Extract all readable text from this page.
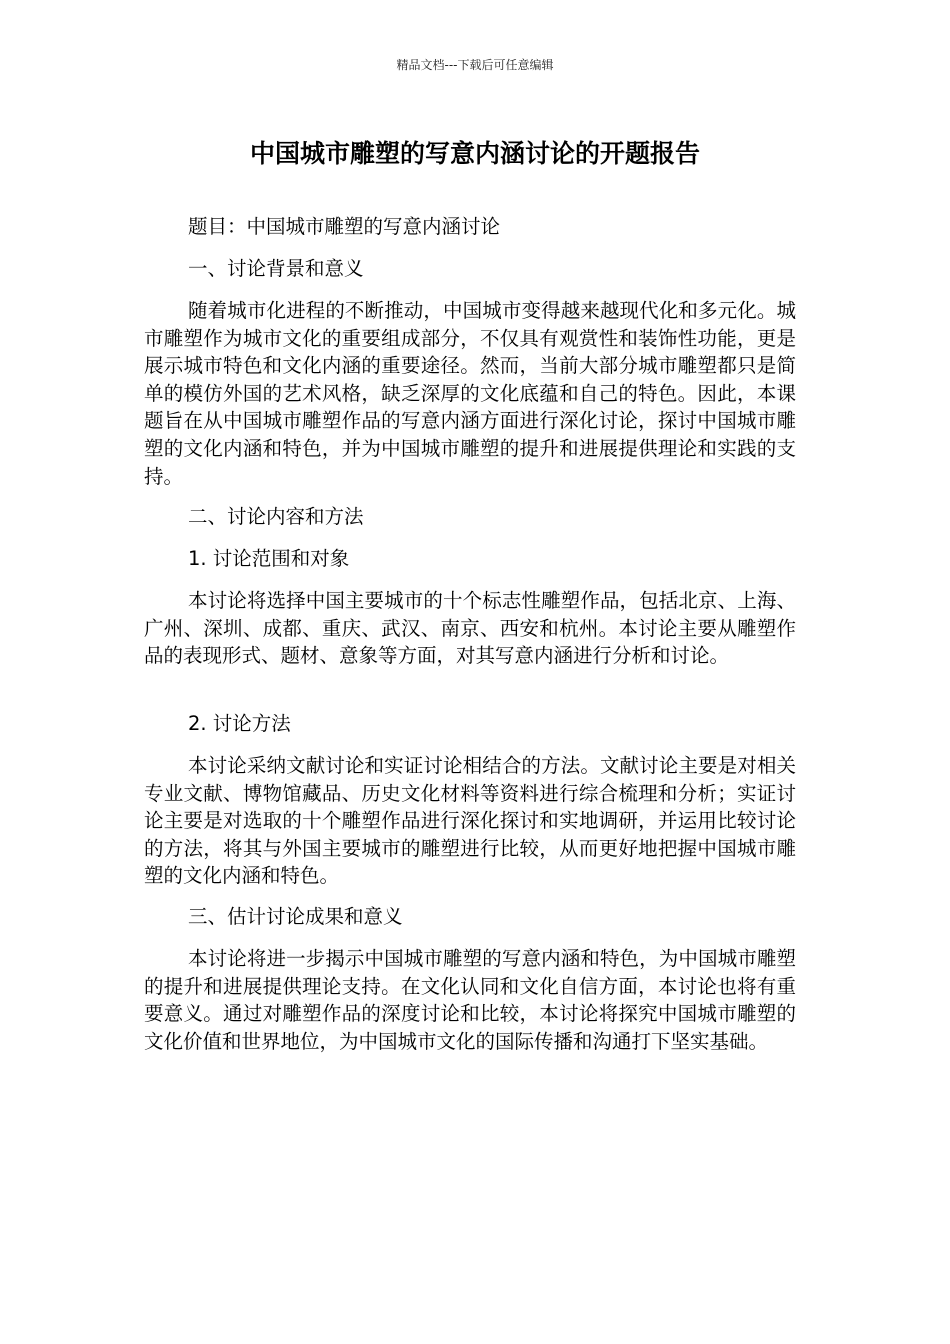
精品文档---下载后可任意编辑
中国城市雕塑的写意内涵讨论的开题报告
题目：中国城市雕塑的写意内涵讨论
一、讨论背景和意义

随着城市化进程的不断推动，中国城市变得越来越现代化和多元化。城市雕塑作为城市文化的重要组成部分，不仅具有观赏性和装饰性功能，更是展示城市特色和文化内涵的重要途径。然而，当前大部分城市雕塑都只是简单的模仿外国的艺术风格，缺乏深厚的文化底蕴和自己的特色。因此，本课题旨在从中国城市雕塑作品的写意内涵方面进行深化讨论，探讨中国城市雕塑的文化内涵和特色，并为中国城市雕塑的提升和进展提供理论和实践的支持。

二、讨论内容和方法
1. 讨论范围和对象

本讨论将选择中国主要城市的十个标志性雕塑作品，包括北京、上海、广州、深圳、成都、重庆、武汉、南京、西安和杭州。本讨论主要从雕塑作品的表现形式、题材、意象等方面，对其写意内涵进行分析和讨论。

2. 讨论方法

本讨论采纳文献讨论和实证讨论相结合的方法。文献讨论主要是对相关专业文献、博物馆藏品、历史文化材料等资料进行综合梳理和分析；实证讨论主要是对选取的十个雕塑作品进行深化探讨和实地调研，并运用比较讨论的方法，将其与外国主要城市的雕塑进行比较，从而更好地把握中国城市雕塑的文化内涵和特色。

三、估计讨论成果和意义

本讨论将进一步揭示中国城市雕塑的写意内涵和特色，为中国城市雕塑的提升和进展提供理论支持。在文化认同和文化自信方面，本讨论也将有重要意义。通过对雕塑作品的深度讨论和比较，本讨论将探究中国城市雕塑的文化价值和世界地位，为中国城市文化的国际传播和沟通打下坚实基础。
